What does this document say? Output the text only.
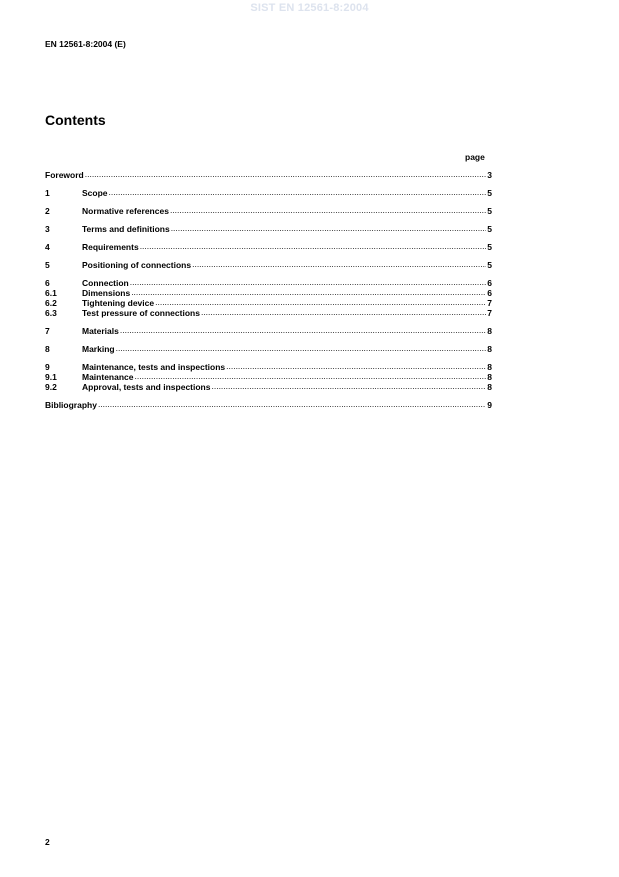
SIST EN 12561-8:2004
EN 12561-8:2004 (E)
Contents
page
Foreword .....	3
1	Scope .....	5
2	Normative references .....	5
3	Terms and definitions .....	5
4	Requirements .....	5
5	Positioning of connections .....	5
6	Connection .....	6
6.1	Dimensions .....	6
6.2	Tightening device .....	7
6.3	Test pressure of connections .....	7
7	Materials .....	8
8	Marking .....	8
9	Maintenance, tests and inspections .....	8
9.1	Maintenance .....	8
9.2	Approval, tests and inspections .....	8
Bibliography .....	9
2
